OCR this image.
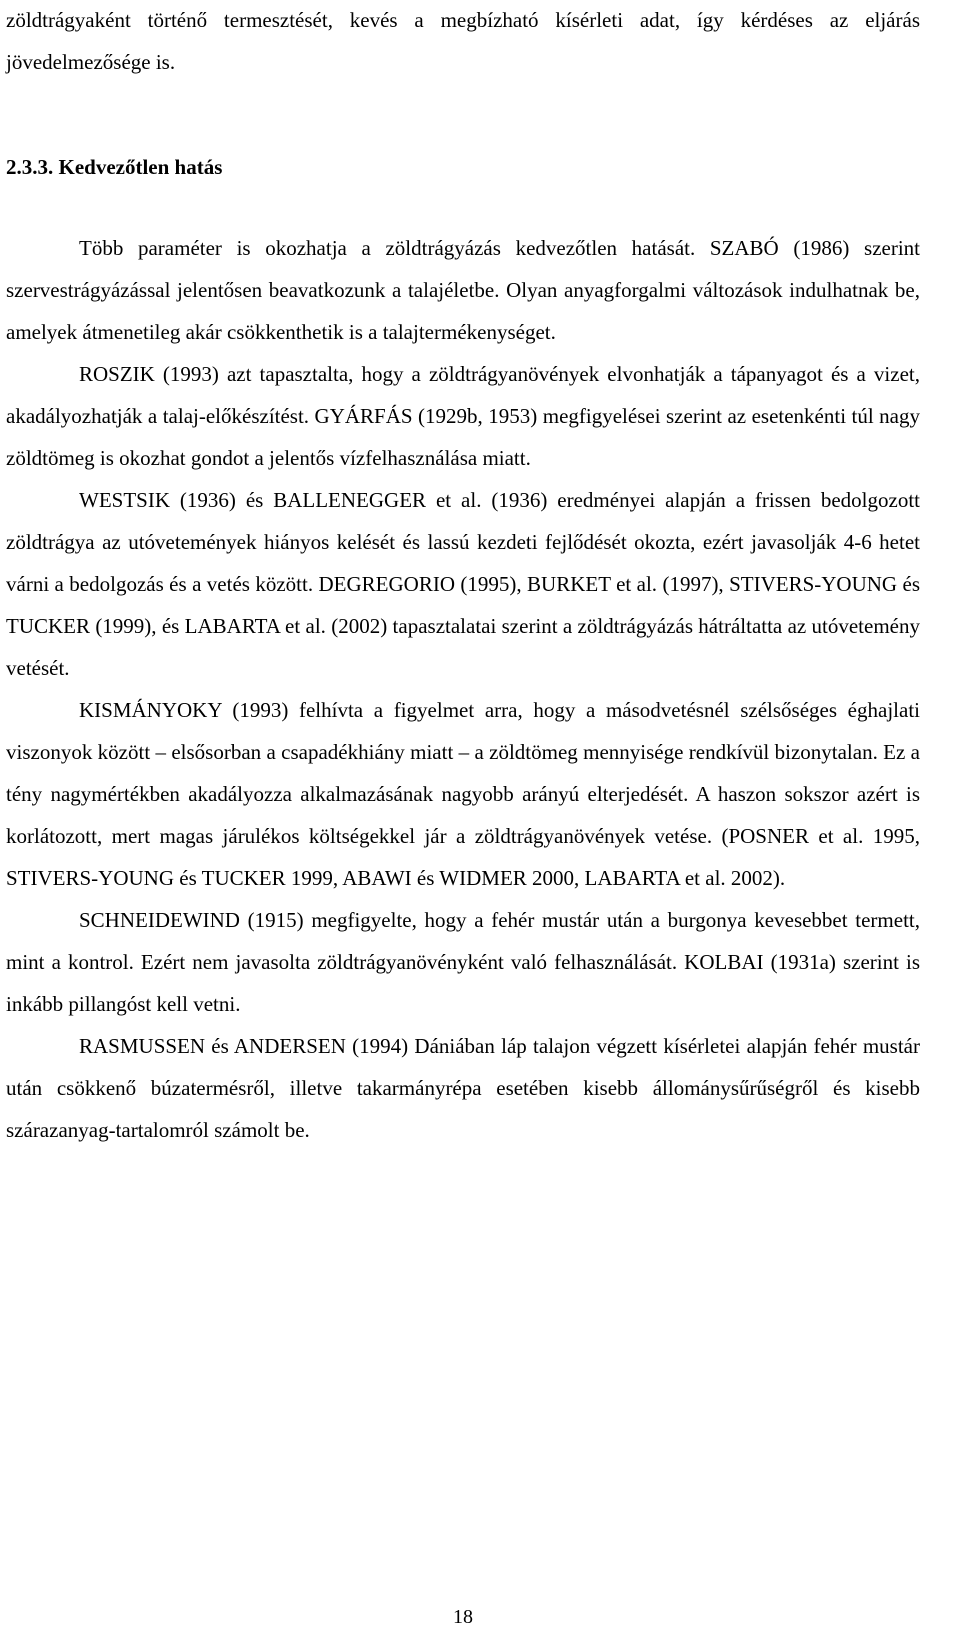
zöldtrágyaként történő termesztését, kevés a megbízható kísérleti adat, így kérdéses az eljárás jövedelmezősége is.

2.3.3. Kedvezőtlen hatás

Több paraméter is okozhatja a zöldtrágyázás kedvezőtlen hatását. SZABÓ (1986) szerint szervestrágyázással jelentősen beavatkozunk a talajéletbe. Olyan anyagforgalmi változások indulhatnak be, amelyek átmenetileg akár csökkenthetik is a talajtermékenységet.

ROSZIK (1993) azt tapasztalta, hogy a zöldtrágyanövények elvonhatják a tápanyagot és a vizet, akadályozhatják a talaj-előkészítést. GYÁRFÁS (1929b, 1953) megfigyelései szerint az esetenkénti túl nagy zöldtömeg is okozhat gondot a jelentős vízfelhasználása miatt.

WESTSIK (1936) és BALLENEGGER et al. (1936) eredményei alapján a frissen bedolgozott zöldtrágya az utóvetemények hiányos kelését és lassú kezdeti fejlődését okozta, ezért javasolják 4-6 hetet várni a bedolgozás és a vetés között. DEGREGORIO (1995), BURKET et al. (1997), STIVERS-YOUNG és TUCKER (1999), és LABARTA et al. (2002) tapasztalatai szerint a zöldtrágyázás hátráltatta az utóvetemény vetését.

KISMÁNYOKY (1993) felhívta a figyelmet arra, hogy a másodvetésnél szélsőséges éghajlati viszonyok között – elsősorban a csapadékhiány miatt – a zöldtömeg mennyisége rendkívül bizonytalan. Ez a tény nagymértékben akadályozza alkalmazásának nagyobb arányú elterjedését. A haszon sokszor azért is korlátozott, mert magas járulékos költségekkel jár a zöldtrágyanövények vetése. (POSNER et al. 1995, STIVERS-YOUNG és TUCKER 1999, ABAWI és WIDMER 2000, LABARTA et al. 2002).

SCHNEIDEWIND (1915) megfigyelte, hogy a fehér mustár után a burgonya kevesebbet termett, mint a kontrol. Ezért nem javasolta zöldtrágyanövényként való felhasználását. KOLBAI (1931a) szerint is inkább pillangóst kell vetni.

RASMUSSEN és ANDERSEN (1994) Dániában láp talajon végzett kísérletei alapján fehér mustár után csökkenő búzatermésről, illetve takarmányrépa esetében kisebb állománysűrűségről és kisebb szárazanyag-tartalomról számolt be.

18
